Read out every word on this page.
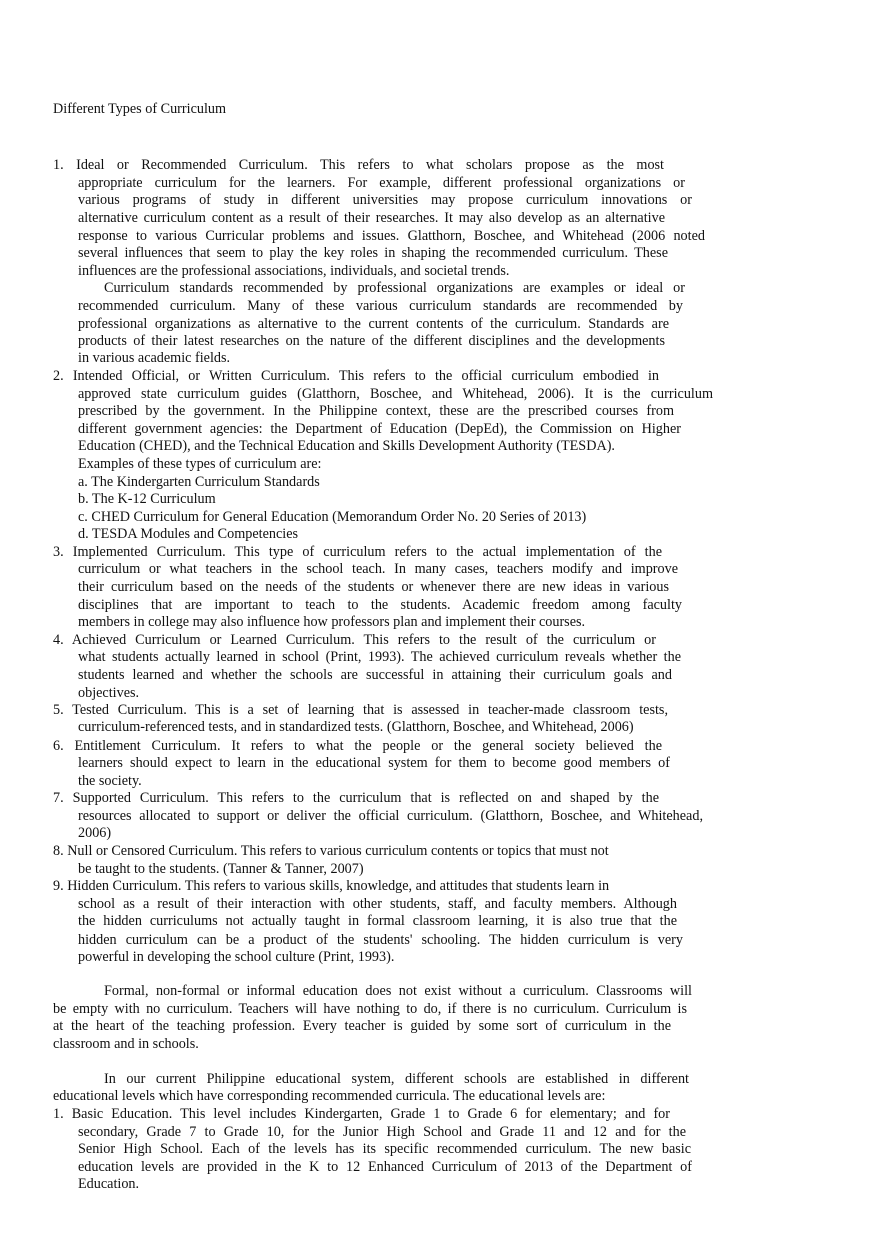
Different Types of Curriculum
1. Ideal or Recommended Curriculum. This refers to what scholars propose as the most
appropriate curriculum for the learners. For example, different professional organizations or
various programs of study in different universities may propose curriculum innovations or
alternative curriculum content as a result of their researches. It may also develop as an alternative
response to various Curricular problems and issues. Glatthorn, Boschee, and Whitehead (2006 noted
several influences that seem to play the key roles in shaping the recommended curriculum. These
influences are the professional associations, individuals, and societal trends.
Curriculum standards recommended by professional organizations are examples or ideal or
recommended curriculum. Many of these various curriculum standards are recommended by
professional organizations as alternative to the current contents of the curriculum. Standards are
products of their latest researches on the nature of the different disciplines and the developments
in various academic fields.
2. Intended Official, or Written Curriculum. This refers to the official curriculum embodied in
approved state curriculum guides (Glatthorn, Boschee, and Whitehead, 2006). It is the curriculum
prescribed by the government. In the Philippine context, these are the prescribed courses from
different government agencies: the Department of Education (DepEd), the Commission on Higher
Education (CHED), and the Technical Education and Skills Development Authority (TESDA).
Examples of these types of curriculum are:
a. The Kindergarten Curriculum Standards
b. The K-12 Curriculum
c. CHED Curriculum for General Education (Memorandum Order No. 20 Series of 2013)
d. TESDA Modules and Competencies
3. Implemented Curriculum. This type of curriculum refers to the actual implementation of the
curriculum or what teachers in the school teach. In many cases, teachers modify and improve
their curriculum based on the needs of the students or whenever there are new ideas in various
disciplines that are important to teach to the students. Academic freedom among faculty
members in college may also influence how professors plan and implement their courses.
4. Achieved Curriculum or Learned Curriculum. This refers to the result of the curriculum or
what students actually learned in school (Print, 1993). The achieved curriculum reveals whether the
students learned and whether the schools are successful in attaining their curriculum goals and
objectives.
5. Tested Curriculum. This is a set of learning that is assessed in teacher-made classroom tests,
curriculum-referenced tests, and in standardized tests. (Glatthorn, Boschee, and Whitehead, 2006)
6. Entitlement Curriculum. It refers to what the people or the general society believed the
learners should expect to learn in the educational system for them to become good members of
the society.
7. Supported Curriculum. This refers to the curriculum that is reflected on and shaped by the
resources allocated to support or deliver the official curriculum. (Glatthorn, Boschee, and Whitehead,
2006)
8. Null or Censored Curriculum. This refers to various curriculum contents or topics that must not
be taught to the students. (Tanner & Tanner, 2007)
9. Hidden Curriculum. This refers to various skills, knowledge, and attitudes that students learn in
school as a result of their interaction with other students, staff, and faculty members. Although
the hidden curriculums not actually taught in formal classroom learning, it is also true that the
hidden curriculum can be a product of the students' schooling. The hidden curriculum is very
powerful in developing the school culture (Print, 1993).
Formal, non-formal or informal education does not exist without a curriculum. Classrooms will
be empty with no curriculum. Teachers will have nothing to do, if there is no curriculum. Curriculum is
at the heart of the teaching profession. Every teacher is guided by some sort of curriculum in the
classroom and in schools.
In our current Philippine educational system, different schools are established in different
educational levels which have corresponding recommended curricula. The educational levels are:
1. Basic Education. This level includes Kindergarten, Grade 1 to Grade 6 for elementary; and for
secondary, Grade 7 to Grade 10, for the Junior High School and Grade 11 and 12 and for the
Senior High School. Each of the levels has its specific recommended curriculum. The new basic
education levels are provided in the K to 12 Enhanced Curriculum of 2013 of the Department of
Education.
